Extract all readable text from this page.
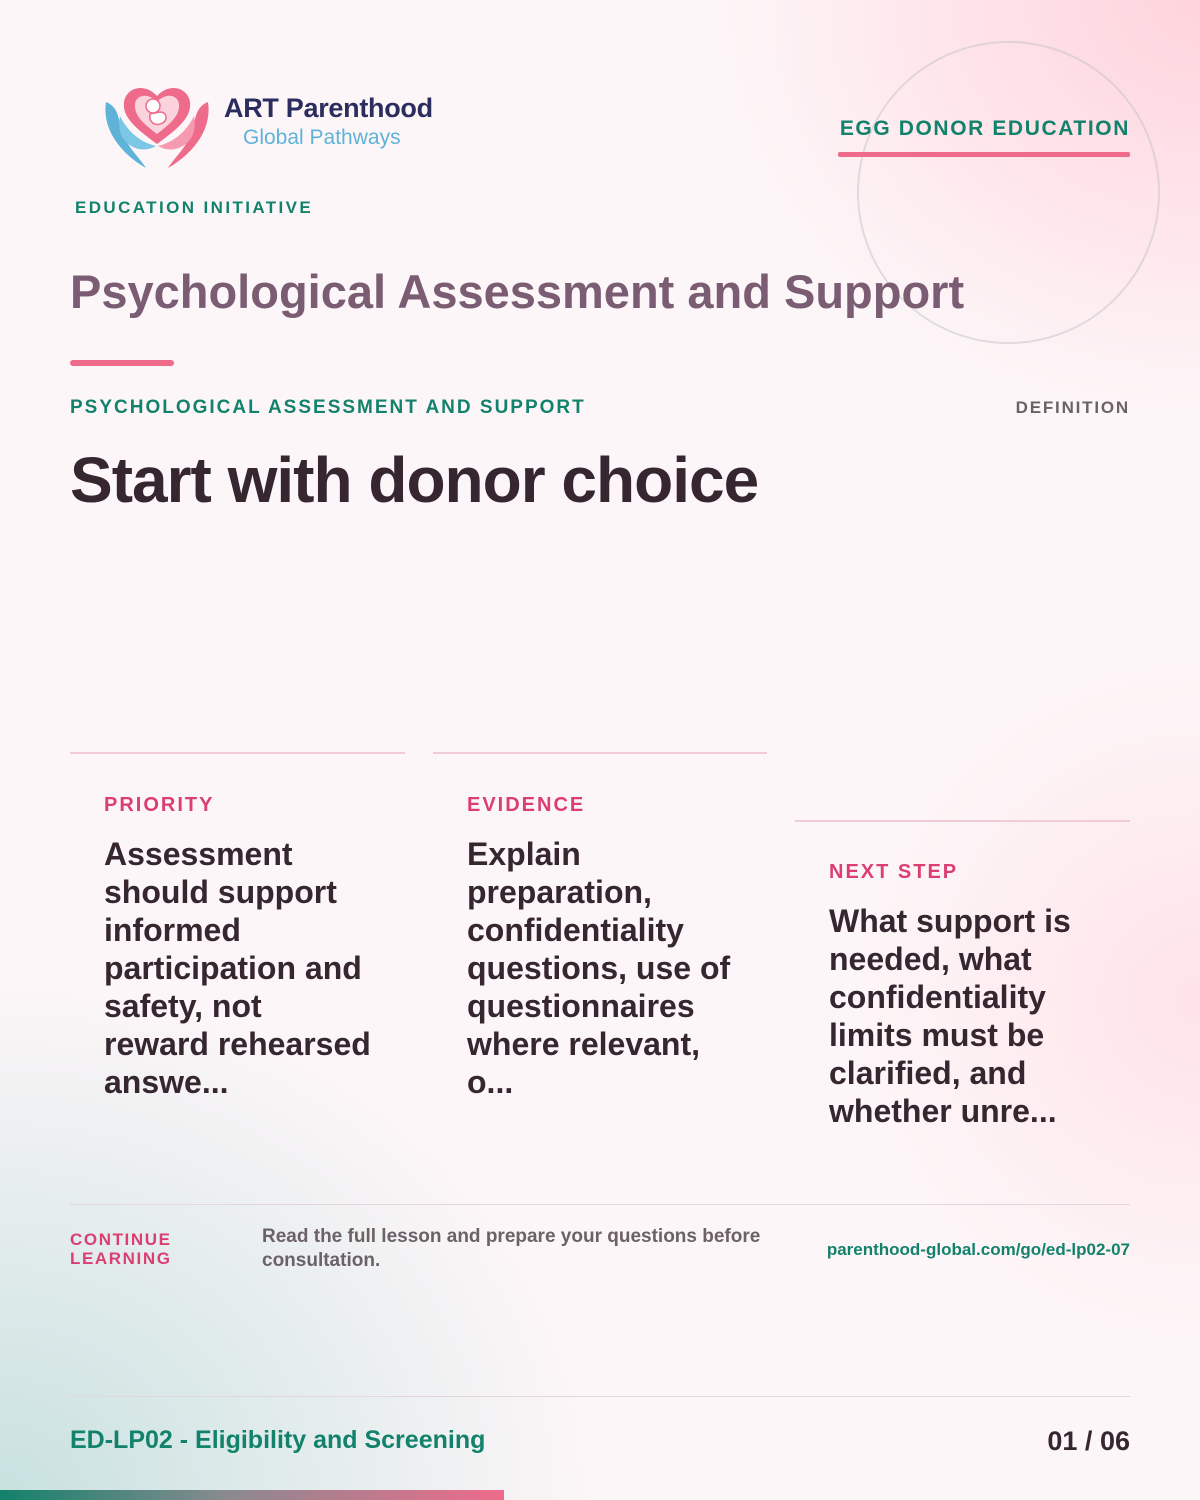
ART Parenthood
Global Pathways
EDUCATION INITIATIVE
EGG DONOR EDUCATION
Psychological Assessment and Support
PSYCHOLOGICAL ASSESSMENT AND SUPPORT	DEFINITION
Start with donor choice
PRIORITY
Assessment should support informed participation and safety, not reward rehearsed answe...
EVIDENCE
Explain preparation, confidentiality questions, use of questionnaires where relevant, o...
NEXT STEP
What support is needed, what confidentiality limits must be clarified, and whether unre...
CONTINUE
LEARNING
Read the full lesson and prepare your questions before consultation.
parenthood-global.com/go/ed-lp02-07
ED-LP02 - Eligibility and Screening	01 / 06
